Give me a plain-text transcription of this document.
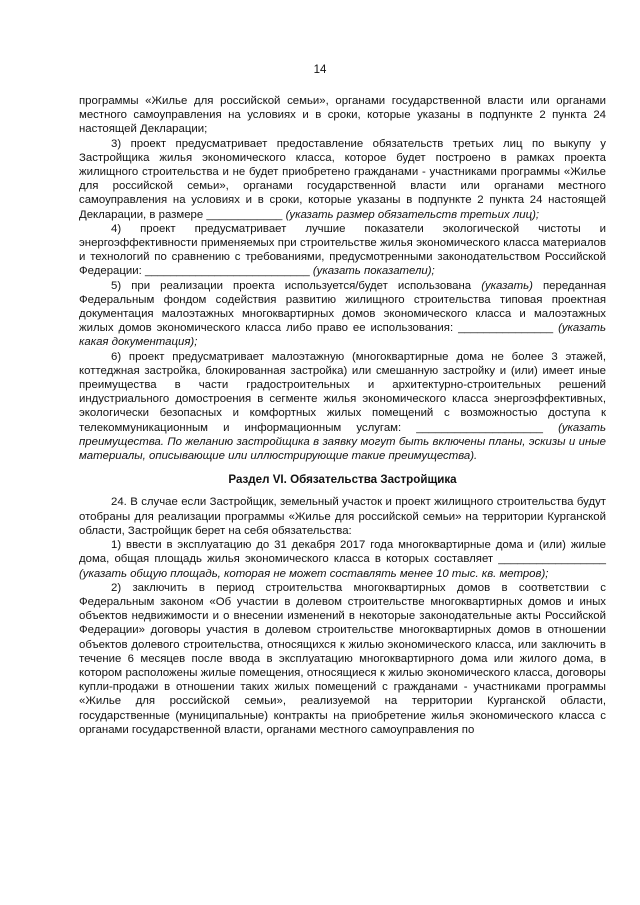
14

программы «Жилье для российской семьи», органами государственной власти или органами местного самоуправления на условиях и в сроки, которые указаны в подпункте 2 пункта 24 настоящей Декларации;

3) проект предусматривает предоставление обязательств третьих лиц по выкупу у Застройщика жилья экономического класса, которое будет построено в рамках проекта жилищного строительства и не будет приобретено гражданами - участниками программы «Жилье для российской семьи», органами государственной власти или органами местного самоуправления на условиях и в сроки, которые указаны в подпункте 2 пункта 24 настоящей Декларации, в размере ____________ (указать размер обязательств третьих лиц);

4) проект предусматривает лучшие показатели экологической чистоты и энергоэффективности применяемых при строительстве жилья экономического класса материалов и технологий по сравнению с требованиями, предусмотренными законодательством Российской Федерации: __________________________ (указать показатели);

5) при реализации проекта используется/будет использована (указать) переданная Федеральным фондом содействия развитию жилищного строительства типовая проектная документация малоэтажных многоквартирных домов экономического класса и малоэтажных жилых домов экономического класса либо право ее использования: _______________ (указать какая документация);

6) проект предусматривает малоэтажную (многоквартирные дома не более 3 этажей, коттеджная застройка, блокированная застройка) или смешанную застройку и (или) имеет иные преимущества в части градостроительных и архитектурно-строительных решений индустриального домостроения в сегменте жилья экономического класса энергоэффективных, экологически безопасных и комфортных жилых помещений с возможностью доступа к телекоммуникационным и информационным услугам: ____________________ (указать преимущества. По желанию застройщика в заявку могут быть включены планы, эскизы и иные материалы, описывающие или иллюстрирующие такие преимущества).

Раздел VI. Обязательства Застройщика

24. В случае если Застройщик, земельный участок и проект жилищного строительства будут отобраны для реализации программы «Жилье для российской семьи» на территории Курганской области, Застройщик берет на себя обязательства:

1) ввести в эксплуатацию до 31 декабря 2017 года многоквартирные дома и (или) жилые дома, общая площадь жилья экономического класса в которых составляет _________________ (указать общую площадь, которая не может составлять менее 10 тыс. кв. метров);

2) заключить в период строительства многоквартирных домов в соответствии с Федеральным законом «Об участии в долевом строительстве многоквартирных домов и иных объектов недвижимости и о внесении изменений в некоторые законодательные акты Российской Федерации» договоры участия в долевом строительстве многоквартирных домов в отношении объектов долевого строительства, относящихся к жилью экономического класса, или заключить в течение 6 месяцев после ввода в эксплуатацию многоквартирного дома или жилого дома, в котором расположены жилые помещения, относящиеся к жилью экономического класса, договоры купли-продажи в отношении таких жилых помещений с гражданами - участниками программы «Жилье для российской семьи», реализуемой на территории Курганской области, государственные (муниципальные) контракты на приобретение жилья экономического класса с органами государственной власти, органами местного самоуправления по
